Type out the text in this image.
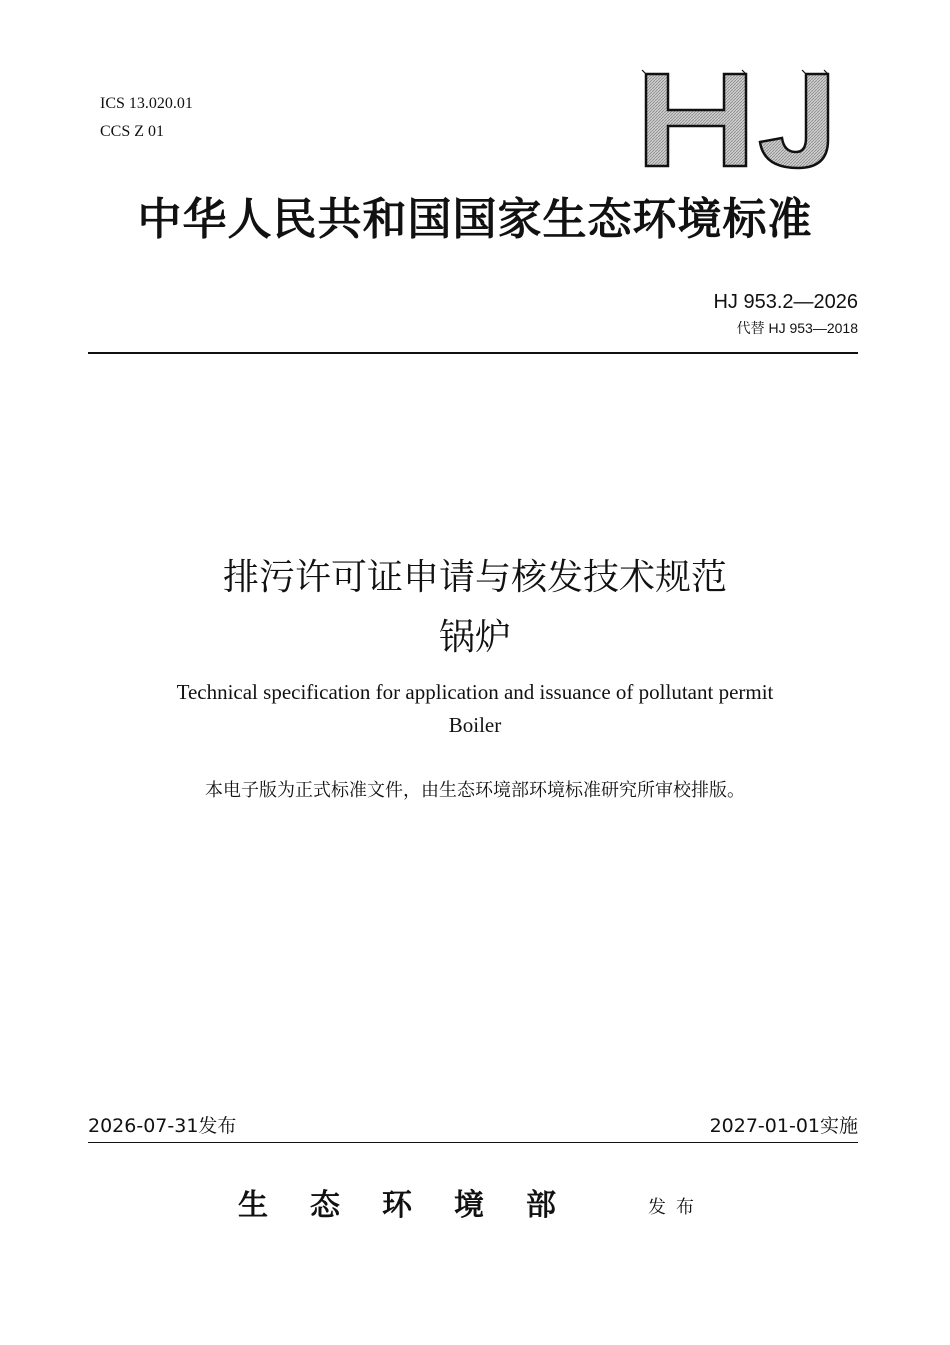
ICS 13.020.01
CCS Z 01
中华人民共和国国家生态环境标准
HJ 953.2—2026
代替 HJ 953—2018
排污许可证申请与核发技术规范
锅炉
Technical specification for application and issuance of pollutant permit
Boiler
本电子版为正式标准文件，由生态环境部环境标准研究所审校排版。
2026-07-31发布	2027-01-01实施
生态环境部	发布
